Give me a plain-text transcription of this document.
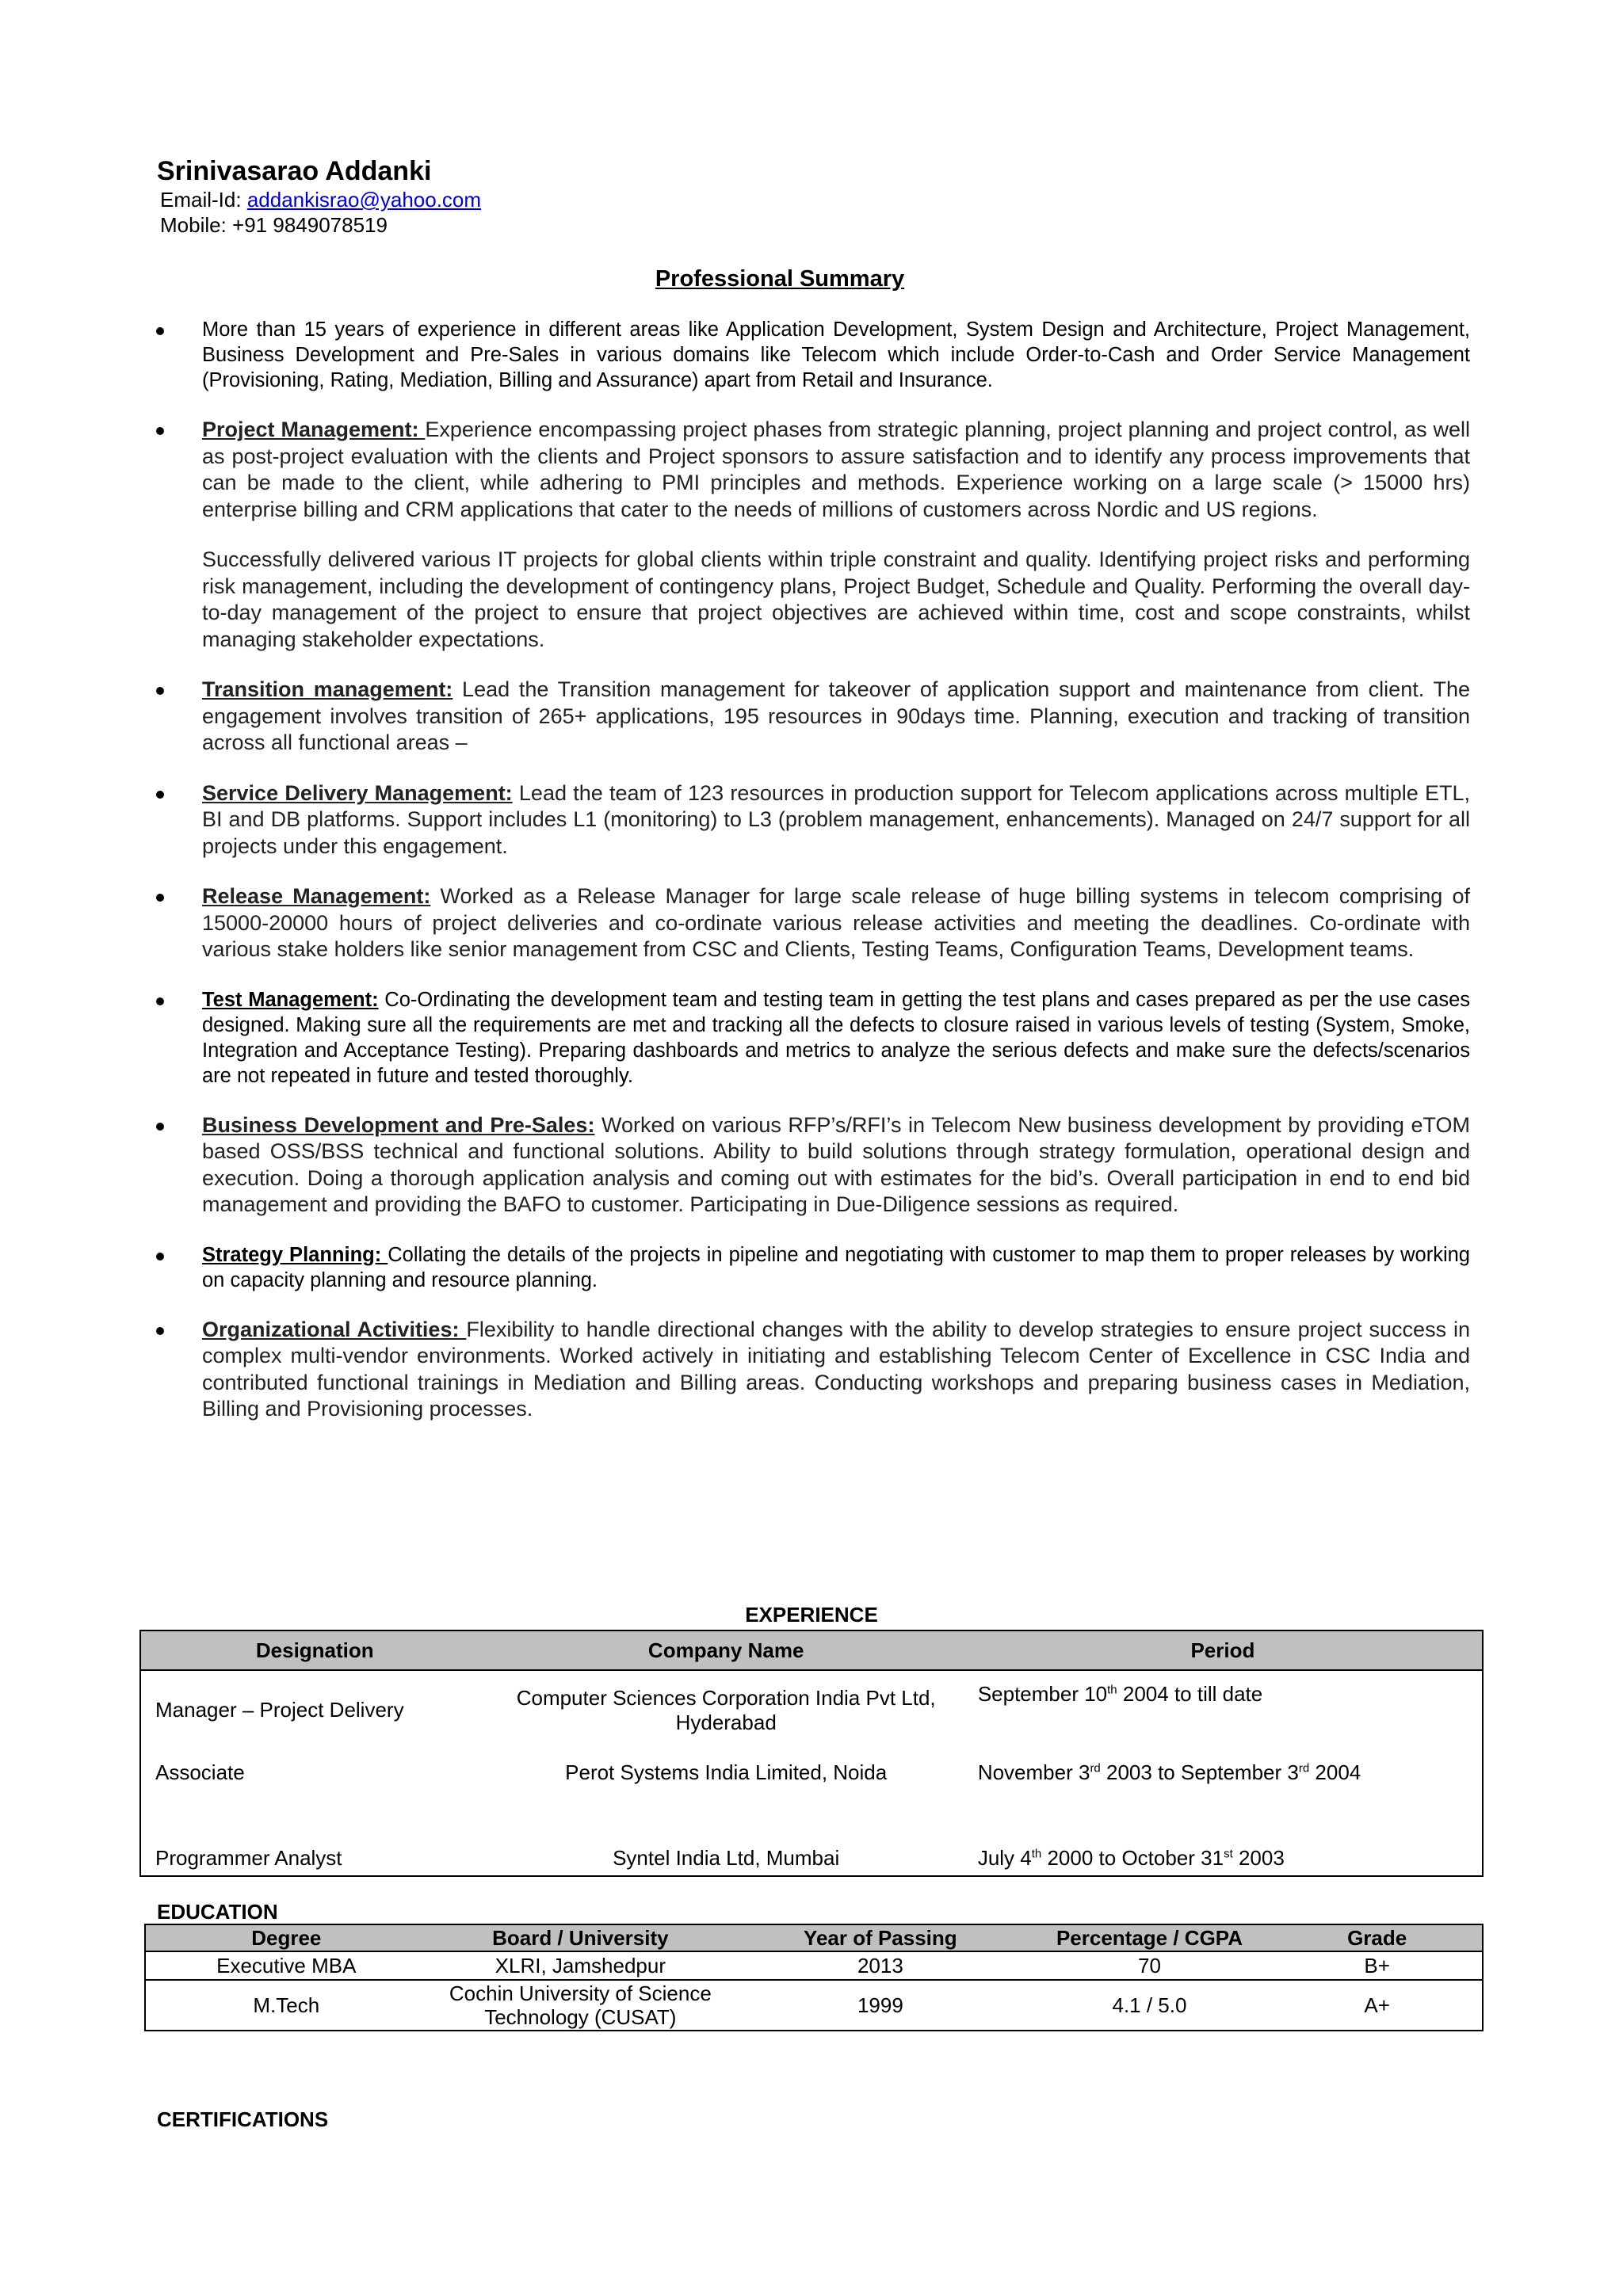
Srinivasarao Addanki
Email-Id: addankisrao@yahoo.com
Mobile: +91 9849078519
Professional Summary

More than 15 years of experience in different areas like Application Development, System Design and Architecture, Project Management, Business Development and Pre-Sales in various domains like Telecom which include Order-to-Cash and Order Service Management (Provisioning, Rating, Mediation, Billing and Assurance) apart from Retail and Insurance.

Project Management: Experience encompassing project phases from strategic planning, project planning and project control, as well as post-project evaluation with the clients and Project sponsors to assure satisfaction and to identify any process improvements that can be made to the client, while adhering to PMI principles and methods. Experience working on a large scale (> 15000 hrs) enterprise billing and CRM applications that cater to the needs of millions of customers across Nordic and US regions.

Successfully delivered various IT projects for global clients within triple constraint and quality. Identifying project risks and performing risk management, including the development of contingency plans, Project Budget, Schedule and Quality. Performing the overall day-to-day management of the project to ensure that project objectives are achieved within time, cost and scope constraints, whilst managing stakeholder expectations.

Transition management: Lead the Transition management for takeover of application support and maintenance from client. The engagement involves transition of 265+ applications, 195 resources in 90days time. Planning, execution and tracking of transition across all functional areas –

Service Delivery Management: Lead the team of 123 resources in production support for Telecom applications across multiple ETL, BI and DB platforms. Support includes L1 (monitoring) to L3 (problem management, enhancements). Managed on 24/7 support for all projects under this engagement.

Release Management: Worked as a Release Manager for large scale release of huge billing systems in telecom comprising of 15000-20000 hours of project deliveries and co-ordinate various release activities and meeting the deadlines. Co-ordinate with various stake holders like senior management from CSC and Clients, Testing Teams, Configuration Teams, Development teams.

Test Management: Co-Ordinating the development team and testing team in getting the test plans and cases prepared as per the use cases designed. Making sure all the requirements are met and tracking all the defects to closure raised in various levels of testing (System, Smoke, Integration and Acceptance Testing). Preparing dashboards and metrics to analyze the serious defects and make sure the defects/scenarios are not repeated in future and tested thoroughly.

Business Development and Pre-Sales: Worked on various RFP’s/RFI’s in Telecom New business development by providing eTOM based OSS/BSS technical and functional solutions. Ability to build solutions through strategy formulation, operational design and execution. Doing a thorough application analysis and coming out with estimates for the bid’s. Overall participation in end to end bid management and providing the BAFO to customer. Participating in Due-Diligence sessions as required.

Strategy Planning: Collating the details of the projects in pipeline and negotiating with customer to map them to proper releases by working on capacity planning and resource planning.

Organizational Activities: Flexibility to handle directional changes with the ability to develop strategies to ensure project success in complex multi-vendor environments. Worked actively in initiating and establishing Telecom Center of Excellence in CSC India and contributed functional trainings in Mediation and Billing areas. Conducting workshops and preparing business cases in Mediation, Billing and Provisioning processes.

EXPERIENCE
Designation	Company Name	Period
Manager – Project Delivery	Computer Sciences Corporation India Pvt Ltd, Hyderabad	September 10th 2004 to till date
Associate	Perot Systems India Limited, Noida	November 3rd 2003 to September 3rd 2004
Programmer Analyst	Syntel India Ltd, Mumbai	July 4th 2000 to October 31st 2003
EDUCATION
Degree	Board / University	Year of Passing	Percentage / CGPA	Grade
Executive MBA	XLRI, Jamshedpur	2013	70	B+
M.Tech	Cochin University of Science Technology (CUSAT)	1999	4.1 / 5.0	A+
CERTIFICATIONS
